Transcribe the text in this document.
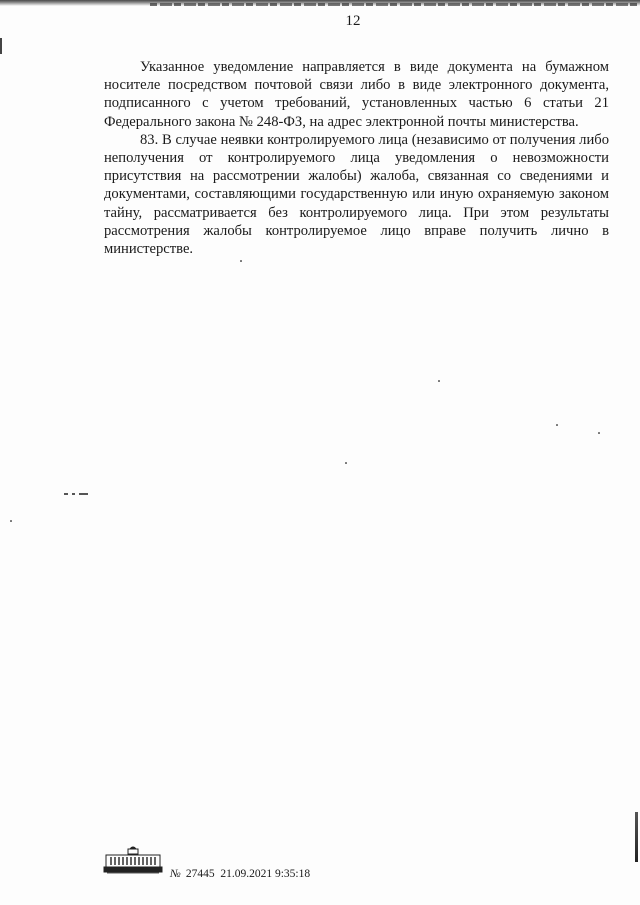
12

Указанное уведомление направляется в виде документа на бумажном носителе посредством почтовой связи либо в виде электронного документа, подписанного с учетом требований, установленных частью 6 статьи 21 Федерального закона № 248-ФЗ, на адрес электронной почты министерства.

83. В случае неявки контролируемого лица (независимо от получения либо неполучения от контролируемого лица уведомления о невозможности присутствия на рассмотрении жалобы) жалоба, связанная со сведениями и документами, составляющими государственную или иную охраняемую законом тайну, рассматривается без контролируемого лица. При этом результаты рассмотрения жалобы контролируемое лицо вправе получить лично в министерстве.

№ 27445 21.09.2021 9:35:18
